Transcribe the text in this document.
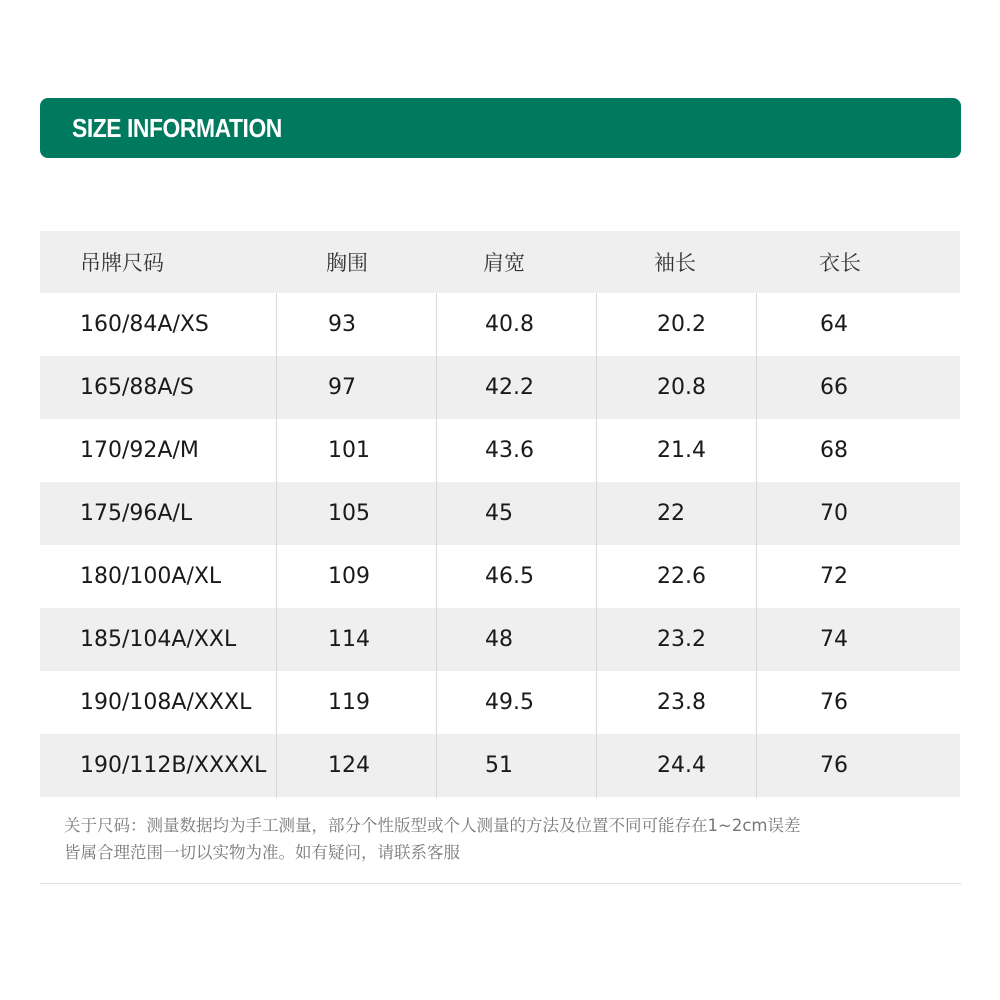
SIZE INFORMATION
吊牌尺码	胸围	肩宽	袖长	衣长
160/84A/XS	93	40.8	20.2	64
165/88A/S	97	42.2	20.8	66
170/92A/M	101	43.6	21.4	68
175/96A/L	105	45	22	70
180/100A/XL	109	46.5	22.6	72
185/104A/XXL	114	48	23.2	74
190/108A/XXXL	119	49.5	23.8	76
190/112B/XXXXL	124	51	24.4	76
关于尺码：测量数据均为手工测量，部分个性版型或个人测量的方法及位置不同可能存在1~2cm误差
皆属合理范围一切以实物为准。如有疑问，请联系客服
